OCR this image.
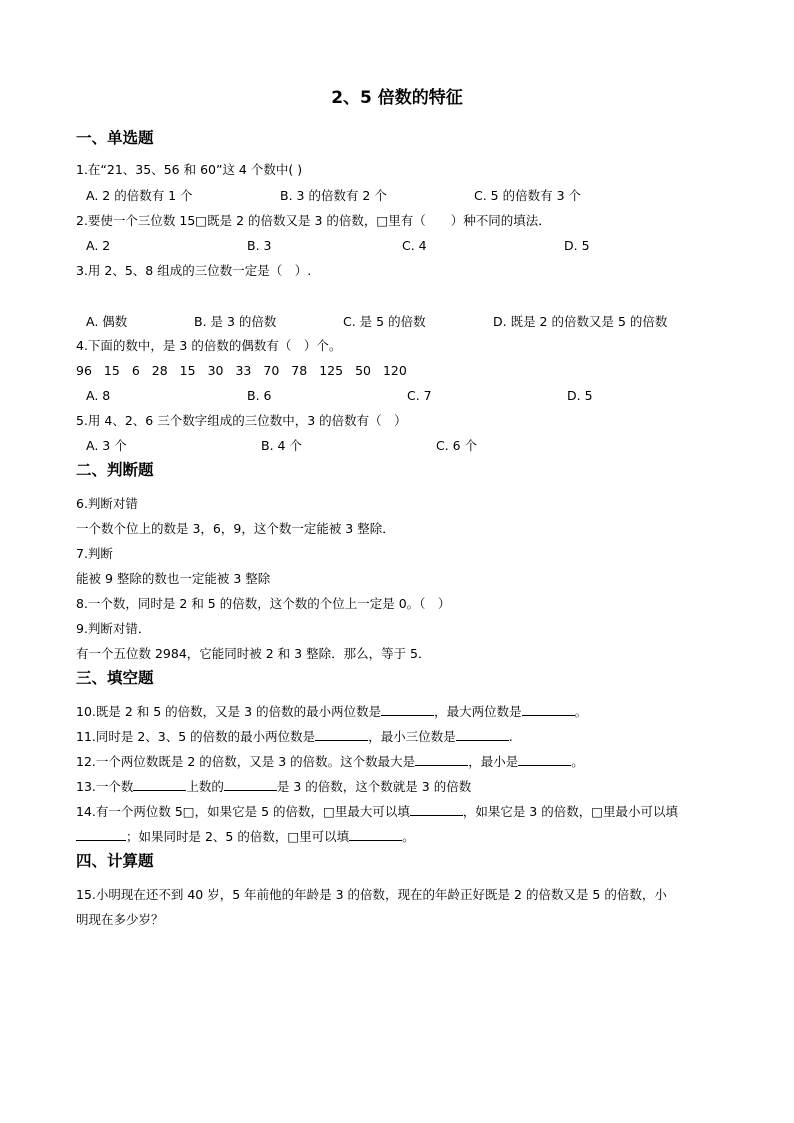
2、5 倍数的特征
一、单选题
1.在“21、35、56 和 60”这 4 个数中( )
A. 2 的倍数有 1 个	B. 3 的倍数有 2 个	C. 5 的倍数有 3 个
2.要使一个三位数 15□既是 2 的倍数又是 3 的倍数，□里有（　　）种不同的填法．
A. 2	B. 3	C. 4	D. 5
3.用 2、5、8 组成的三位数一定是（　）.
A. 偶数	B. 是 3 的倍数	C. 是 5 的倍数	D. 既是 2 的倍数又是 5 的倍数
4.下面的数中，是 3 的倍数的偶数有（　）个。
96 15 6 28 15 30 33 70 78 125 50 120
A. 8	B. 6	C. 7	D. 5
5.用 4、2、6 三个数字组成的三位数中，3 的倍数有（　）
A. 3 个	B. 4 个	C. 6 个
二、判断题
6.判断对错
一个数个位上的数是 3，6，9，这个数一定能被 3 整除．
7.判断
能被 9 整除的数也一定能被 3 整除
8.一个数，同时是 2 和 5 的倍数，这个数的个位上一定是 0。（　）
9.判断对错．
有一个五位数 2984，它能同时被 2 和 3 整除．那么，等于 5．
三、填空题
10.既是 2 和 5 的倍数，又是 3 的倍数的最小两位数是	，最大两位数是	。
11.同时是 2、3、5 的倍数的最小两位数是	，最小三位数是	.
12.一个两位数既是 2 的倍数，又是 3 的倍数。这个数最大是	，最小是	。
13.一个数	上数的	是 3 的倍数，这个数就是 3 的倍数
14.有一个两位数 5□，如果它是 5 的倍数，□里最大可以填	，如果它是 3 的倍数，□里最小可以填
；如果同时是 2、5 的倍数，□里可以填	。
四、计算题
15.小明现在还不到 40 岁，5 年前他的年龄是 3 的倍数，现在的年龄正好既是 2 的倍数又是 5 的倍数，小
明现在多少岁？
